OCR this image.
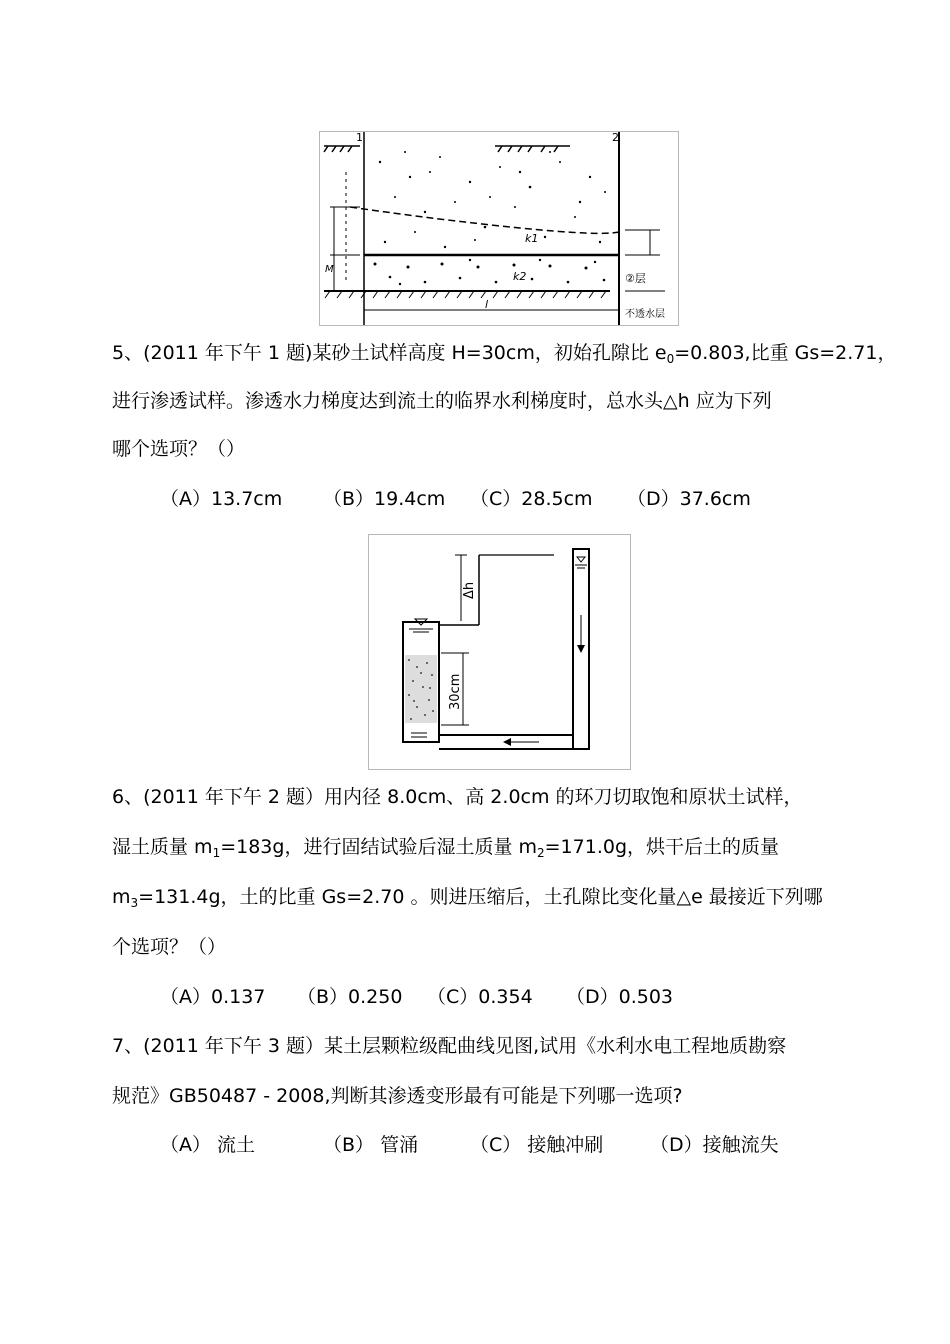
1	2
k1
k2	②层
不透水层
l
M
5、(2011 年下午 1 题)某砂土试样高度 H=30cm，初始孔隙比 $e_0=0.803$,比重 Gs=2.71，
进行渗透试样。渗透水力梯度达到流土的临界水利梯度时，总水头△h 应为下列
哪个选项？（）
（A）13.7cm （B）19.4cm （C）28.5cm （D）37.6cm
Δh
30cm
6、(2011 年下午 2 题）用内径 8.0cm、高 2.0cm 的环刀切取饱和原状土试样，
湿土质量 $m_1=183g$，进行固结试验后湿土质量 $m_2=171.0g$，烘干后土的质量
$m_3=131.4g$，土的比重 Gs=2.70 。则进压缩后，土孔隙比变化量△e 最接近下列哪
个选项？（）
（A）0.137 （B）0.250 （C）0.354 （D）0.503
7、(2011 年下午 3 题）某土层颗粒级配曲线见图,试用《水利水电工程地质勘察
规范》GB50487 - 2008,判断其渗透变形最有可能是下列哪一选项?
（A） 流土	（B） 管涌	（C） 接触冲刷 （D）接触流失
